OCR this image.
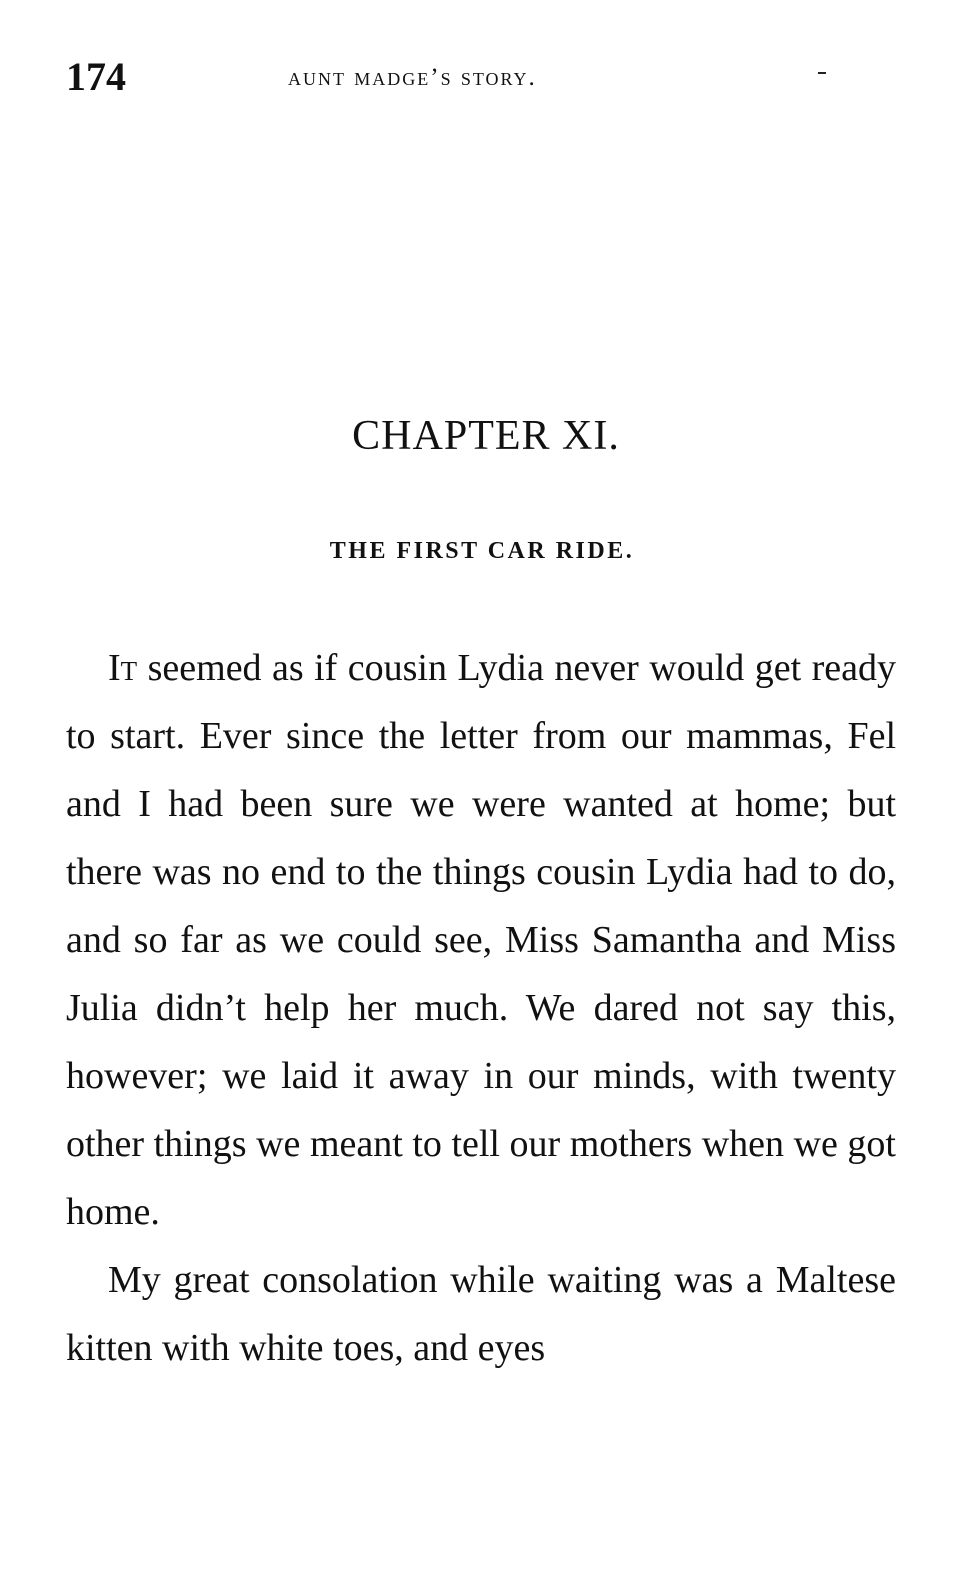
174	aunt madge’s story.
CHAPTER XI.
THE FIRST CAR RIDE.

It seemed as if cousin Lydia never would get ready to start. Ever since the letter from our mammas, Fel and I had been sure we were wanted at home; but there was no end to the things cousin Lydia had to do, and so far as we could see, Miss Samantha and Miss Julia didn’t help her much. We dared not say this, however; we laid it away in our minds, with twenty other things we meant to tell our mothers when we got home.

My great consolation while waiting was a Maltese kitten with white toes, and eyes
